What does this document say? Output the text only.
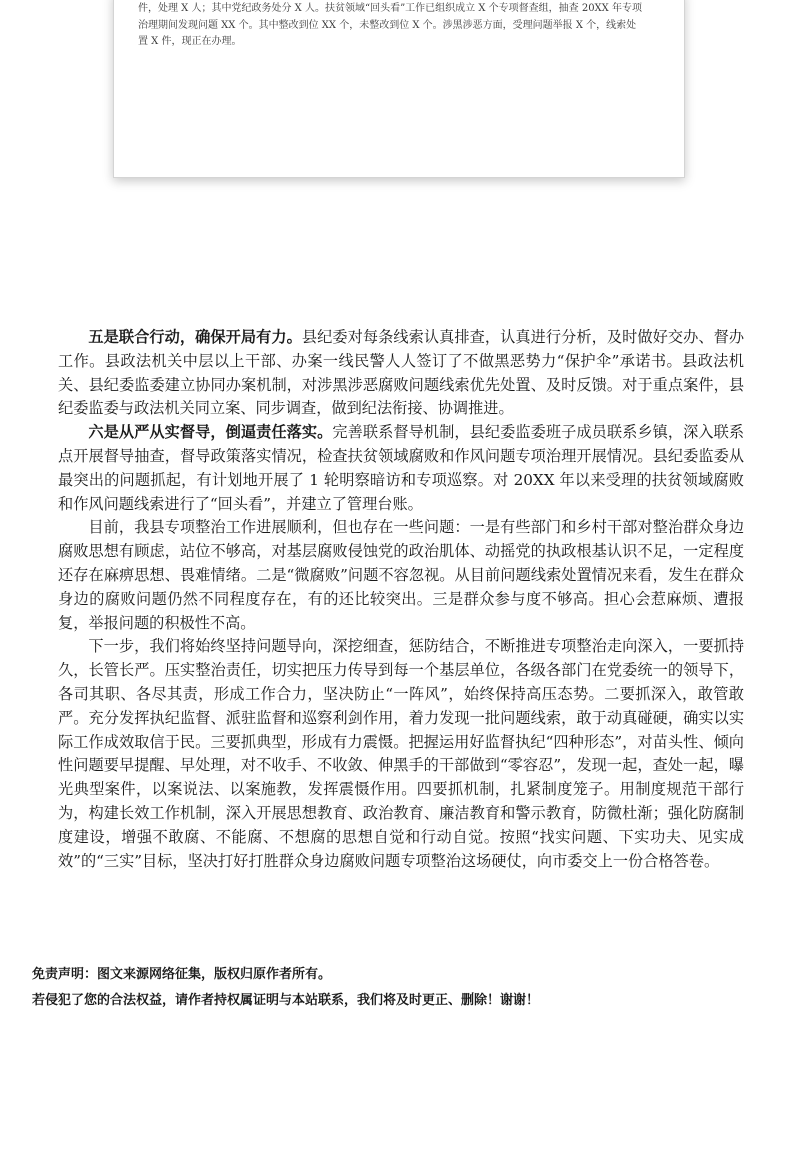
件，处理 X 人；其中党纪政务处分 X 人。扶贫领域“回头看”工作已组织成立 X 个专项督查组，抽查 20XX 年专项治理期间发现问题 XX 个。其中整改到位 XX 个，未整改到位 X 个。涉黑涉恶方面，受理问题举报 X 个，线索处置 X 件，现正在办理。

五是联合行动，确保开局有力。县纪委对每条线索认真排查，认真进行分析，及时做好交办、督办工作。县政法机关中层以上干部、办案一线民警人人签订了不做黑恶势力“保护伞”承诺书。县政法机关、县纪委监委建立协同办案机制，对涉黑涉恶腐败问题线索优先处置、及时反馈。对于重点案件，县纪委监委与政法机关同立案、同步调查，做到纪法衔接、协调推进。

六是从严从实督导，倒逼责任落实。完善联系督导机制，县纪委监委班子成员联系乡镇，深入联系点开展督导抽查，督导政策落实情况，检查扶贫领域腐败和作风问题专项治理开展情况。县纪委监委从最突出的问题抓起，有计划地开展了 1 轮明察暗访和专项巡察。对 20XX 年以来受理的扶贫领域腐败和作风问题线索进行了“回头看”，并建立了管理台账。

目前，我县专项整治工作进展顺利，但也存在一些问题：一是有些部门和乡村干部对整治群众身边腐败思想有顾虑，站位不够高，对基层腐败侵蚀党的政治肌体、动摇党的执政根基认识不足，一定程度还存在麻痹思想、畏难情绪。二是“微腐败”问题不容忽视。从目前问题线索处置情况来看，发生在群众身边的腐败问题仍然不同程度存在，有的还比较突出。三是群众参与度不够高。担心会惹麻烦、遭报复，举报问题的积极性不高。

下一步，我们将始终坚持问题导向，深挖细查，惩防结合，不断推进专项整治走向深入，一要抓持久，长管长严。压实整治责任，切实把压力传导到每一个基层单位，各级各部门在党委统一的领导下，各司其职、各尽其责，形成工作合力，坚决防止“一阵风”，始终保持高压态势。二要抓深入，敢管敢严。充分发挥执纪监督、派驻监督和巡察利剑作用，着力发现一批问题线索，敢于动真碰硬，确实以实际工作成效取信于民。三要抓典型，形成有力震慑。把握运用好监督执纪“四种形态”，对苗头性、倾向性问题要早提醒、早处理，对不收手、不收敛、伸黑手的干部做到“零容忍”，发现一起，查处一起，曝光典型案件，以案说法、以案施教，发挥震慑作用。四要抓机制，扎紧制度笼子。用制度规范干部行为，构建长效工作机制，深入开展思想教育、政治教育、廉洁教育和警示教育，防微杜渐；强化防腐制度建设，增强不敢腐、不能腐、不想腐的思想自觉和行动自觉。按照“找实问题、下实功夫、见实成效”的“三实”目标，坚决打好打胜群众身边腐败问题专项整治这场硬仗，向市委交上一份合格答卷。

免责声明：图文来源网络征集，版权归原作者所有。
若侵犯了您的合法权益，请作者持权属证明与本站联系，我们将及时更正、删除！谢谢！
